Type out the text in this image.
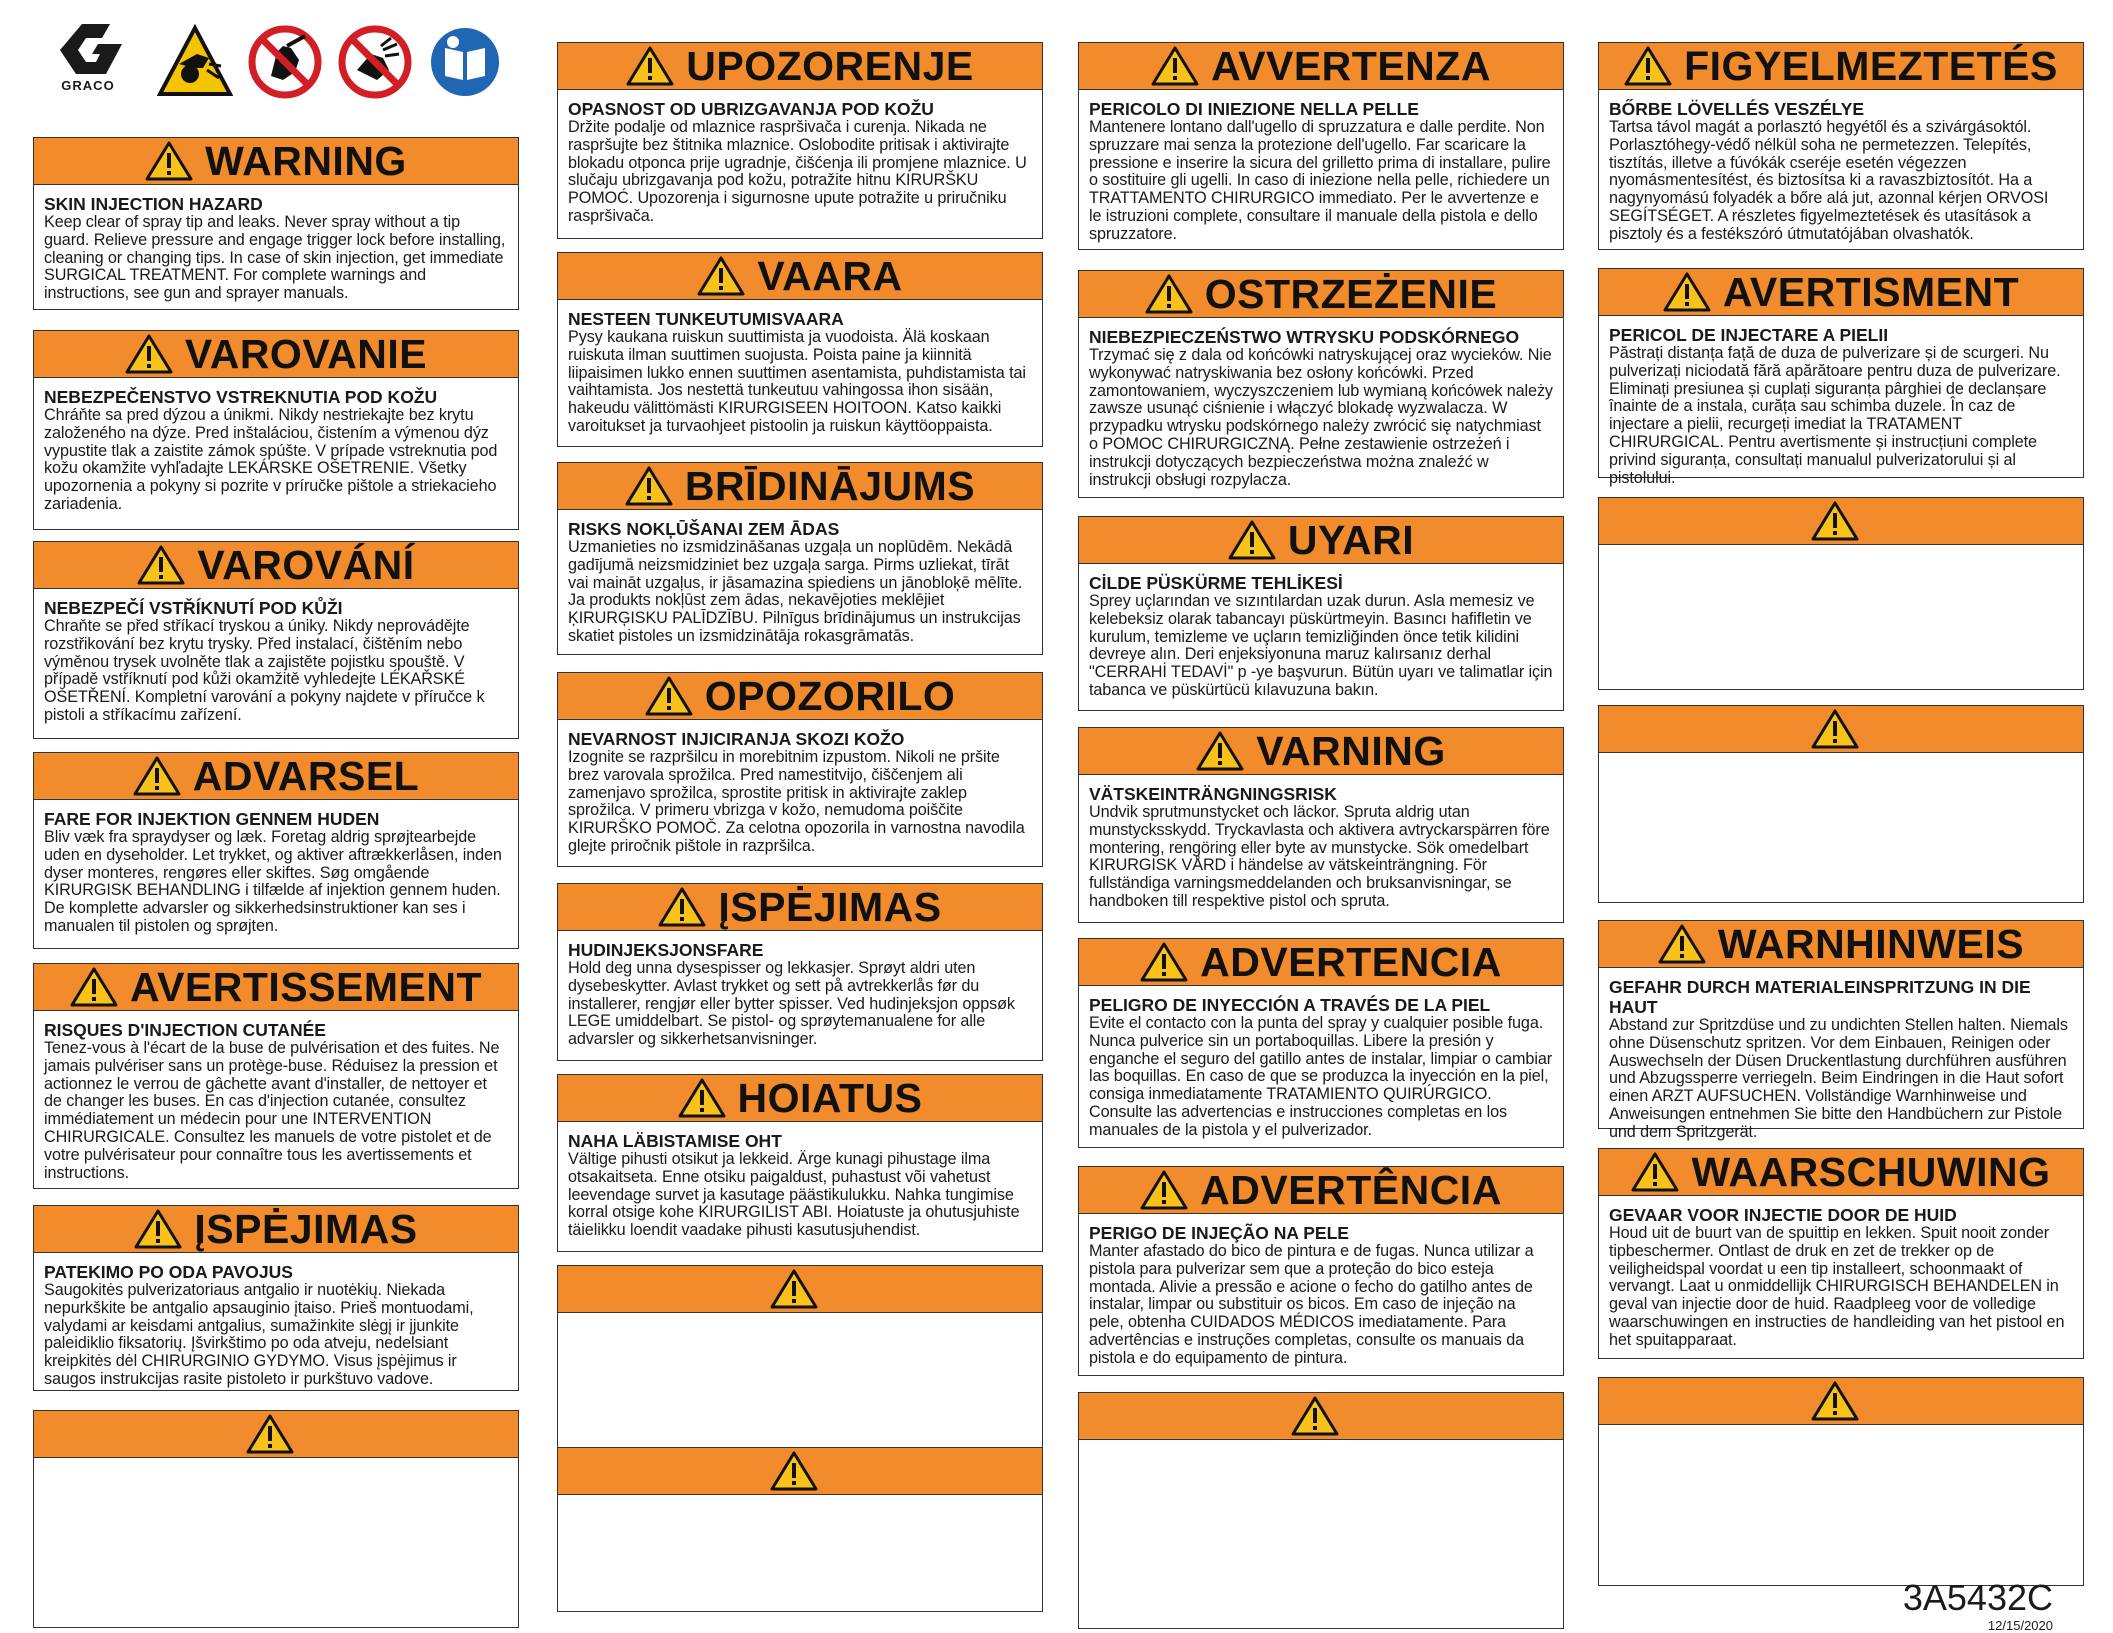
GRACO
WARNING
SKIN INJECTION HAZARD
Keep clear of spray tip and leaks. Never spray without a tip guard. Relieve pressure and engage trigger lock before installing, cleaning or changing tips. In case of skin injection, get immediate SURGICAL TREATMENT. For complete warnings and instructions, see gun and sprayer manuals.
VAROVANIE
NEBEZPEČENSTVO VSTREKNUTIA POD KOŽU
Chráňte sa pred dýzou a únikmi. Nikdy nestriekajte bez krytu založeného na dýze. Pred inštaláciou, čistením a výmenou dýz vypustite tlak a zaistite zámok spúšte. V prípade vstreknutia pod kožu okamžite vyhľadajte LEKÁRSKE OŠETRENIE. Všetky upozornenia a pokyny si pozrite v príručke pištole a striekacieho zariadenia.
VAROVÁNÍ
NEBEZPEČÍ VSTŘÍKNUTÍ POD KŮŽI
Chraňte se před stříkací tryskou a úniky. Nikdy neprovádějte rozstřikování bez krytu trysky. Před instalací, čištěním nebo výměnou trysek uvolněte tlak a zajistěte pojistku spouště. V případě vstříknutí pod kůži okamžitě vyhledejte LÉKAŘSKÉ OŠETŘENÍ. Kompletní varování a pokyny najdete v příručce k pistoli a stříkacímu zařízení.
ADVARSEL
FARE FOR INJEKTION GENNEM HUDEN
Bliv væk fra spraydyser og læk. Foretag aldrig sprøjtearbejde uden en dyseholder. Let trykket, og aktiver aftrækkerlåsen, inden dyser monteres, rengøres eller skiftes. Søg omgående KIRURGISK BEHANDLING i tilfælde af injektion gennem huden. De komplette advarsler og sikkerhedsinstruktioner kan ses i manualen til pistolen og sprøjten.
AVERTISSEMENT
RISQUES D'INJECTION CUTANÉE
Tenez-vous à l'écart de la buse de pulvérisation et des fuites. Ne jamais pulvériser sans un protège-buse. Réduisez la pression et actionnez le verrou de gâchette avant d'installer, de nettoyer et de changer les buses. En cas d'injection cutanée, consultez immédiatement un médecin pour une INTERVENTION CHIRURGICALE. Consultez les manuels de votre pistolet et de votre pulvérisateur pour connaître tous les avertissements et instructions.
ĮSPĖJIMAS
PATEKIMO PO ODA PAVOJUS
Saugokitės pulverizatoriaus antgalio ir nuotėkių. Niekada nepurkškite be antgalio apsauginio įtaiso. Prieš montuodami, valydami ar keisdami antgalius, sumažinkite slėgį ir įjunkite paleidiklio fiksatorių. Įšvirkštimo po oda atveju, nedelsiant kreipkitės dėl CHIRURGINIO GYDYMO. Visus įspėjimus ir saugos instrukcijas rasite pistoleto ir purkštuvo vadove.
UPOZORENJE
OPASNOST OD UBRIZGAVANJA POD KOŽU
Držite podalje od mlaznice raspršivača i curenja. Nikada ne raspršujte bez štitnika mlaznice. Oslobodite pritisak i aktivirajte blokadu otponca prije ugradnje, čišćenja ili promjene mlaznice. U slučaju ubrizgavanja pod kožu, potražite hitnu KIRURŠKU POMOĆ. Upozorenja i sigurnosne upute potražite u priručniku raspršivača.
VAARA
NESTEEN TUNKEUTUMISVAARA
Pysy kaukana ruiskun suuttimista ja vuodoista. Älä koskaan ruiskuta ilman suuttimen suojusta. Poista paine ja kiinnitä liipaisimen lukko ennen suuttimen asentamista, puhdistamista tai vaihtamista. Jos nestettä tunkeutuu vahingossa ihon sisään, hakeudu välittömästi KIRURGISEEN HOITOON. Katso kaikki varoitukset ja turvaohjeet pistoolin ja ruiskun käyttöoppaista.
BRĪDINĀJUMS
RISKS NOKĻŪŠANAI ZEM ĀDAS
Uzmanieties no izsmidzināšanas uzgaļa un noplūdēm. Nekādā gadījumā neizsmidziniet bez uzgaļa sarga. Pirms uzliekat, tīrāt vai maināt uzgaļus, ir jāsamazina spiediens un jānobloķē mēlīte. Ja produkts nokļūst zem ādas, nekavējoties meklējiet ĶIRURĢISKU PALĪDZĪBU. Pilnīgus brīdinājumus un instrukcijas skatiet pistoles un izsmidzinātāja rokasgrāmatās.
OPOZORILO
NEVARNOST INJICIRANJA SKOZI KOŽO
Izognite se razpršilcu in morebitnim izpustom. Nikoli ne pršite brez varovala sprožilca. Pred namestitvijo, čiščenjem ali zamenjavo sprožilca, sprostite pritisk in aktivirajte zaklep sprožilca. V primeru vbrizga v kožo, nemudoma poiščite KIRURŠKO POMOČ. Za celotna opozorila in varnostna navodila glejte priročnik pištole in razpršilca.
ĮSPĖJIMAS
HUDINJEKSJONSFARE
Hold deg unna dysespisser og lekkasjer. Sprøyt aldri uten dysebeskytter. Avlast trykket og sett på avtrekkerlås før du installerer, rengjør eller bytter spisser. Ved hudinjeksjon oppsøk LEGE umiddelbart. Se pistol- og sprøytemanualene for alle advarsler og sikkerhetsanvisninger.
HOIATUS
NAHA LÄBISTAMISE OHT
Vältige pihusti otsikut ja lekkeid. Ärge kunagi pihustage ilma otsakaitseta. Enne otsiku paigaldust, puhastust või vahetust leevendage survet ja kasutage päästikulukku. Nahka tungimise korral otsige kohe KIRURGILIST ABI. Hoiatuste ja ohutusjuhiste täielikku loendit vaadake pihusti kasutusjuhendist.
AVVERTENZA
PERICOLO DI INIEZIONE NELLA PELLE
Mantenere lontano dall'ugello di spruzzatura e dalle perdite. Non spruzzare mai senza la protezione dell'ugello. Far scaricare la pressione e inserire la sicura del grilletto prima di installare, pulire o sostituire gli ugelli. In caso di iniezione nella pelle, richiedere un TRATTAMENTO CHIRURGICO immediato. Per le avvertenze e le istruzioni complete, consultare il manuale della pistola e dello spruzzatore.
OSTRZEŻENIE
NIEBEZPIECZEŃSTWO WTRYSKU PODSKÓRNEGO
Trzymać się z dala od końcówki natryskującej oraz wycieków. Nie wykonywać natryskiwania bez osłony końcówki. Przed zamontowaniem, wyczyszczeniem lub wymianą końcówek należy zawsze usunąć ciśnienie i włączyć blokadę wyzwalacza. W przypadku wtrysku podskórnego należy zwrócić się natychmiast o POMOC CHIRURGICZNĄ. Pełne zestawienie ostrzeżeń i instrukcji dotyczących bezpieczeństwa można znaleźć w instrukcji obsługi rozpylacza.
UYARI
CİLDE PÜSKÜRME TEHLİKESİ
Sprey uçlarından ve sızıntılardan uzak durun. Asla memesiz ve kelebeksiz olarak tabancayı püskürtmeyin. Basıncı hafifletin ve kurulum, temizleme ve uçların temizliğinden önce tetik kilidini devreye alın. Deri enjeksiyonuna maruz kalırsanız derhal "CERRAHİ TEDAVİ" p -ye başvurun. Bütün uyarı ve talimatlar için tabanca ve püskürtücü kılavuzuna bakın.
VARNING
VÄTSKEINTRÄNGNINGSRISK
Undvik sprutmunstycket och läckor. Spruta aldrig utan munstycksskydd. Tryckavlasta och aktivera avtryckarspärren före montering, rengöring eller byte av munstycke. Sök omedelbart KIRURGISK VÅRD i händelse av vätskeinträngning. För fullständiga varningsmeddelanden och bruksanvisningar, se handboken till respektive pistol och spruta.
ADVERTENCIA
PELIGRO DE INYECCIÓN A TRAVÉS DE LA PIEL
Evite el contacto con la punta del spray y cualquier posible fuga. Nunca pulverice sin un portaboquillas. Libere la presión y enganche el seguro del gatillo antes de instalar, limpiar o cambiar las boquillas. En caso de que se produzca la inyección en la piel, consiga inmediatamente TRATAMIENTO QUIRÚRGICO. Consulte las advertencias e instrucciones completas en los manuales de la pistola y el pulverizador.
ADVERTÊNCIA
PERIGO DE INJEÇÃO NA PELE
Manter afastado do bico de pintura e de fugas. Nunca utilizar a pistola para pulverizar sem que a proteção do bico esteja montada. Alivie a pressão e acione o fecho do gatilho antes de instalar, limpar ou substituir os bicos. Em caso de injeção na pele, obtenha CUIDADOS MÉDICOS imediatamente. Para advertências e instruções completas, consulte os manuais da pistola e do equipamento de pintura.
FIGYELMEZTETÉS
BŐRBE LÖVELLÉS VESZÉLYE
Tartsa távol magát a porlasztó hegyétől és a szivárgásoktól. Porlasztóhegy-védő nélkül soha ne permetezzen. Telepítés, tisztítás, illetve a fúvókák cseréje esetén végezzen nyomásmentesítést, és biztosítsa ki a ravaszbiztosítót. Ha a nagynyomású folyadék a bőre alá jut, azonnal kérjen ORVOSI SEGÍTSÉGET. A részletes figyelmeztetések és utasítások a pisztoly és a festékszóró útmutatójában olvashatók.
AVERTISMENT
PERICOL DE INJECTARE A PIELII
Păstrați distanța față de duza de pulverizare și de scurgeri. Nu pulverizați niciodată fără apărătoare pentru duza de pulverizare. Eliminați presiunea și cuplați siguranța pârghiei de declanșare înainte de a instala, curăța sau schimba duzele. În caz de injectare a pielii, recurgeți imediat la TRATAMENT CHIRURGICAL. Pentru avertismente și instrucțiuni complete privind siguranța, consultați manualul pulverizatorului și al pistolului.
WARNHINWEIS
GEFAHR DURCH MATERIALEINSPRITZUNG IN DIE HAUT
Abstand zur Spritzdüse und zu undichten Stellen halten. Niemals ohne Düsenschutz spritzen. Vor dem Einbauen, Reinigen oder Auswechseln der Düsen Druckentlastung durchführen ausführen und Abzugssperre verriegeln. Beim Eindringen in die Haut sofort einen ARZT AUFSUCHEN. Vollständige Warnhinweise und Anweisungen entnehmen Sie bitte den Handbüchern zur Pistole und dem Spritzgerät.
WAARSCHUWING
GEVAAR VOOR INJECTIE DOOR DE HUID
Houd uit de buurt van de spuittip en lekken. Spuit nooit zonder tipbeschermer. Ontlast de druk en zet de trekker op de veiligheidspal voordat u een tip installeert, schoonmaakt of vervangt. Laat u onmiddellijk CHIRURGISCH BEHANDELEN in geval van injectie door de huid. Raadpleeg voor de volledige waarschuwingen en instructies de handleiding van het pistool en het spuitapparaat.
3A5432C
12/15/2020
